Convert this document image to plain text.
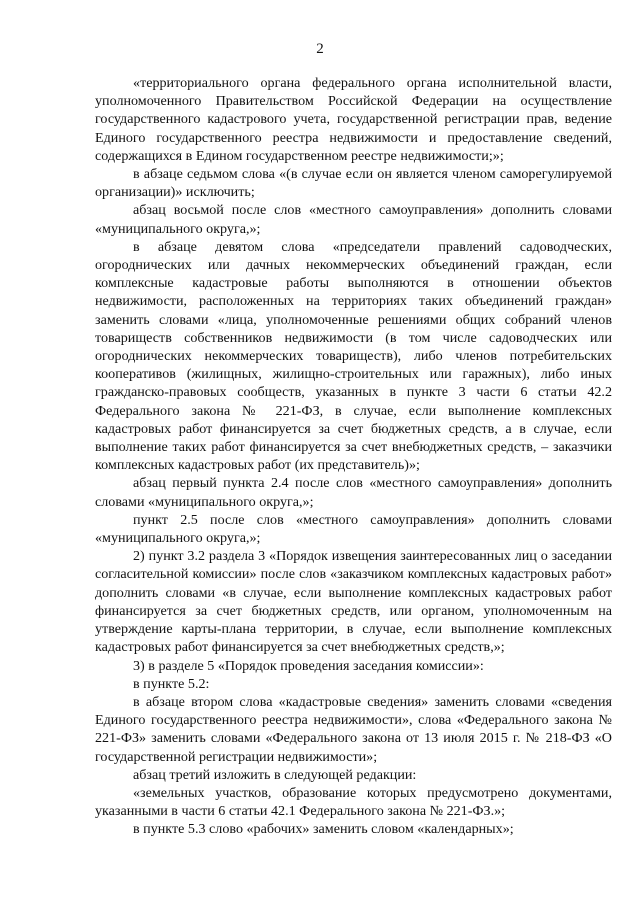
2

«территориального органа федерального органа исполнительной власти, уполномоченного Правительством Российской Федерации на осуществление государственного кадастрового учета, государственной регистрации прав, ведение Единого государственного реестра недвижимости и предоставление сведений, содержащихся в Едином государственном реестре недвижимости;»;

в абзаце седьмом слова «(в случае если он является членом саморегулируемой организации)» исключить;

абзац восьмой после слов «местного самоуправления» дополнить словами «муниципального округа,»;

в абзаце девятом слова «председатели правлений садоводческих, огороднических или дачных некоммерческих объединений граждан, если комплексные кадастровые работы выполняются в отношении объектов недвижимости, расположенных на территориях таких объединений граждан» заменить словами «лица, уполномоченные решениями общих собраний членов товариществ собственников недвижимости (в том числе садоводческих или огороднических некоммерческих товариществ), либо членов потребительских кооперативов (жилищных, жилищно-строительных или гаражных), либо иных гражданско-правовых сообществ, указанных в пункте 3 части 6 статьи 42.2 Федерального закона № 221-ФЗ, в случае, если выполнение комплексных кадастровых работ финансируется за счет бюджетных средств, а в случае, если выполнение таких работ финансируется за счет внебюджетных средств, – заказчики комплексных кадастровых работ (их представитель)»;

абзац первый пункта 2.4 после слов «местного самоуправления» дополнить словами «муниципального округа,»;

пункт 2.5 после слов «местного самоуправления» дополнить словами «муниципального округа,»;

2) пункт 3.2 раздела 3 «Порядок извещения заинтересованных лиц о заседании согласительной комиссии» после слов «заказчиком комплексных кадастровых работ» дополнить словами «в случае, если выполнение комплексных кадастровых работ финансируется за счет бюджетных средств, или органом, уполномоченным на утверждение карты-плана территории, в случае, если выполнение комплексных кадастровых работ финансируется за счет внебюджетных средств,»;

3) в разделе 5 «Порядок проведения заседания комиссии»:

в пункте 5.2:

в абзаце втором слова «кадастровые сведения» заменить словами «сведения Единого государственного реестра недвижимости», слова «Федерального закона № 221-ФЗ» заменить словами «Федерального закона от 13 июля 2015 г. № 218-ФЗ «О государственной регистрации недвижимости»;

абзац третий изложить в следующей редакции:

«земельных участков, образование которых предусмотрено документами, указанными в части 6 статьи 42.1 Федерального закона № 221-ФЗ.»;

в пункте 5.3 слово «рабочих» заменить словом «календарных»;
